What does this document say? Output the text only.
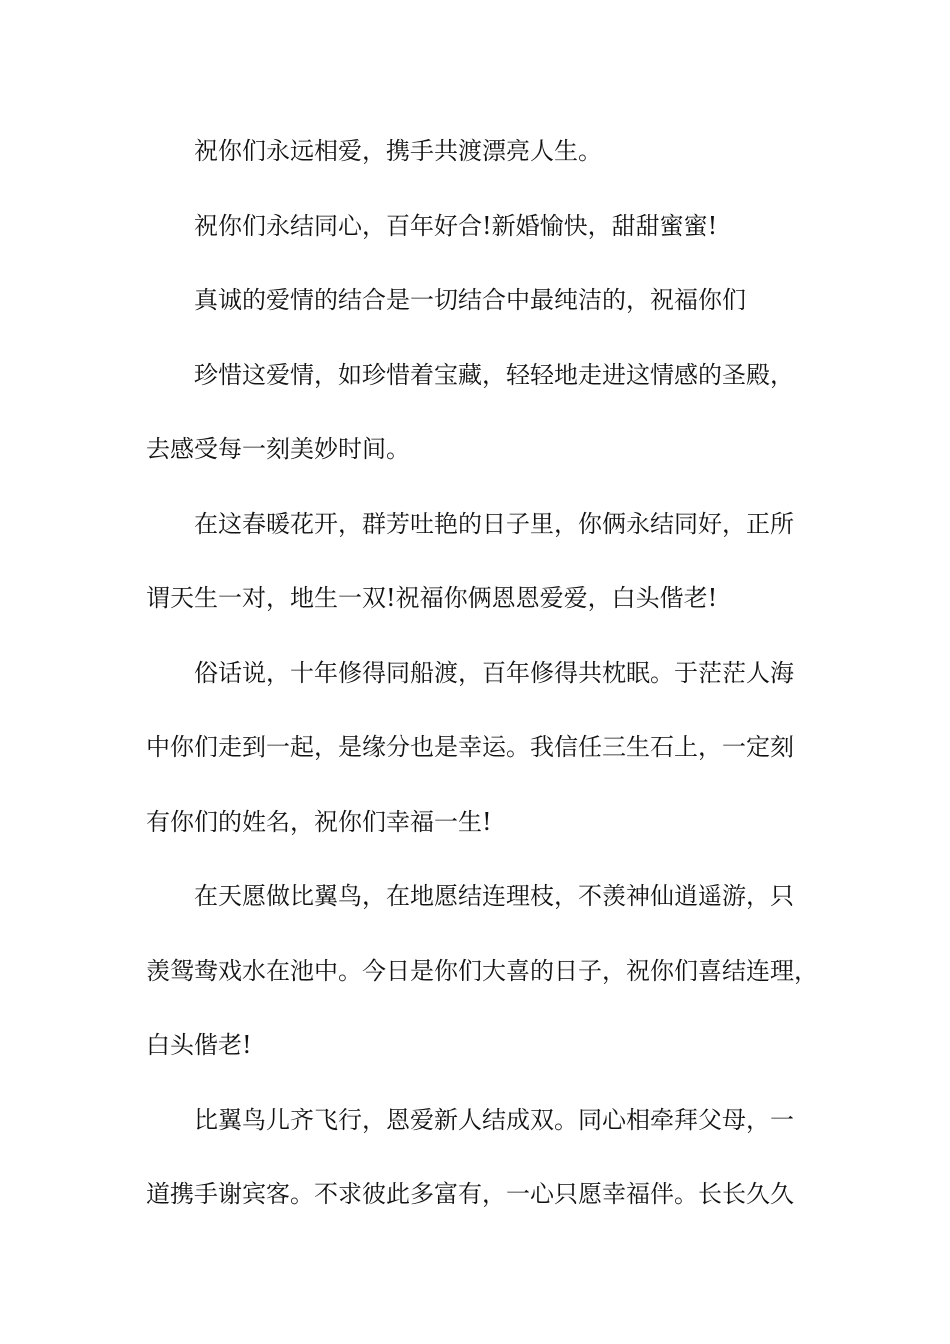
祝你们永远相爱，携手共渡漂亮人生。

祝你们永结同心，百年好合!新婚愉快，甜甜蜜蜜!

真诚的爱情的结合是一切结合中最纯洁的，祝福你们

珍惜这爱情，如珍惜着宝藏，轻轻地走进这情感的圣殿，

去感受每一刻美妙时间。

在这春暖花开，群芳吐艳的日子里，你俩永结同好，正所

谓天生一对，地生一双!祝福你俩恩恩爱爱，白头偕老!

俗话说，十年修得同船渡，百年修得共枕眠。于茫茫人海

中你们走到一起，是缘分也是幸运。我信任三生石上，一定刻

有你们的姓名，祝你们幸福一生!

在天愿做比翼鸟，在地愿结连理枝，不羡神仙逍遥游，只

羡鸳鸯戏水在池中。今日是你们大喜的日子，祝你们喜结连理，

白头偕老!

比翼鸟儿齐飞行，恩爱新人结成双。同心相牵拜父母，一

道携手谢宾客。不求彼此多富有，一心只愿幸福伴。长长久久
